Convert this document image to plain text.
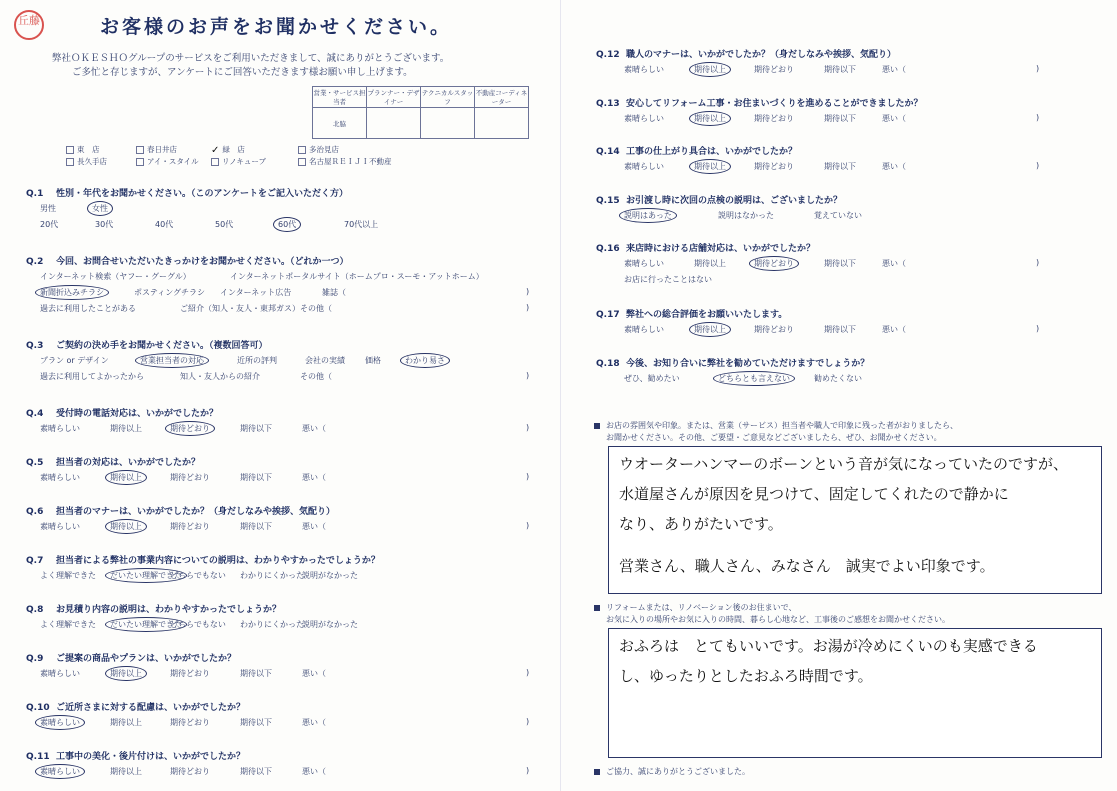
丘藤	お客様のお声をお聞かせください。
弊社ＯＫＥＳＨＯグループのサービスをご利用いただきまして、誠にありがとうございます。
ご多忙と存じますが、アンケートにご回答いただきます様お願い申し上げます。
営業・サービス担当者	プランナー・デザイナー	テクニカルスタッフ	不動産コーディネーター
北脇			
東　店	春日井店	✓ 緑　店	多治見店
長久手店	アイ・スタイル	リノキューブ	名古屋ＲＥＩＪＩ不動産
Q.1 性別・年代をお聞かせください。（このアンケートをご記入いただく方）
男性	女性
20代	30代	40代	50代	60代	70代以上
Q.2 今回、お問合せいただいたきっかけをお聞かせください。（どれか一つ）
インターネット検索（ヤフー・グーグル）	インターネットポータルサイト（ホームプロ・スーモ・アットホーム）
新聞折込みチラシ	ポスティングチラシ インターネット広告	雑誌（	)
過去に利用したことがある	ご紹介（知人・友人・東邦ガス） その他（	)
Q.3 ご契約の決め手をお聞かせください。（複数回答可）
プラン or デザイン	営業担当者の対応	近所の評判	会社の実績	価格	わかり易さ
過去に利用してよかったから	知人・友人からの紹介	その他（	)
Q.4 受付時の電話対応は、いかがでしたか？
素晴らしい	期待以上	期待どおり	期待以下	悪い（	)
Q.5 担当者の対応は、いかがでしたか？
素晴らしい	期待以上	期待どおり	期待以下	悪い（	)
Q.6 担当者のマナーは、いかがでしたか？（身だしなみや挨拶、気配り）
素晴らしい	期待以上	期待どおり	期待以下	悪い（	)
Q.7 担当者による弊社の事業内容についての説明は、わかりやすかったでしょうか？
よく理解できた	だいたい理解できた
どちらでもない わかりにくかった
説明がなかった
Q.8 お見積り内容の説明は、わかりやすかったでしょうか？
よく理解できた	だいたい理解できた
どちらでもない わかりにくかった
説明がなかった
Q.9 ご提案の商品やプランは、いかがでしたか？
素晴らしい	期待以上	期待どおり	期待以下	悪い（	)
Q.10 ご近所さまに対する配慮は、いかがでしたか？
素晴らしい	期待以上	期待どおり	期待以下	悪い（	)
Q.11 工事中の美化・後片付けは、いかがでしたか？
素晴らしい	期待以上	期待どおり	期待以下	悪い（	)
Q.12 職人のマナーは、いかがでしたか？（身だしなみや挨拶、気配り）
素晴らしい	期待以上	期待どおり	期待以下	悪い（	)
Q.13 安心してリフォーム工事・お住まいづくりを進めることができましたか？
素晴らしい	期待以上	期待どおり	期待以下	悪い（	)
Q.14 工事の仕上がり具合は、いかがでしたか？
素晴らしい	期待以上	期待どおり	期待以下	悪い（	)
Q.15 お引渡し時に次回の点検の説明は、ございましたか？
説明はあった	説明はなかった	覚えていない
Q.16 来店時における店舗対応は、いかがでしたか？
素晴らしい	期待以上	期待どおり	期待以下	悪い（	)
お店に行ったことはない
Q.17 弊社への総合評価をお願いいたします。
素晴らしい	期待以上	期待どおり	期待以下	悪い（	)
Q.18 今後、お知り合いに弊社を勧めていただけますでしょうか？
ぜひ、勧めたい	どちらとも言えない	勧めたくない
お店の雰囲気や印象。または、営業（サービス）担当者や職人で印象に残った者がおりましたら、
お聞かせください。その他、ご要望・ご意見などございましたら、ぜひ、お聞かせください。
ウオーターハンマーのボーンという音が気になっていたのですが、
水道屋さんが原因を見つけて、固定してくれたので静かに
なり、ありがたいです。
営業さん、職人さん、みなさん　誠実でよい印象です。
リフォームまたは、リノベーション後のお住まいで、
お気に入りの場所やお気に入りの時間、暮らし心地など、工事後のご感想をお聞かせください。
おふろは　とてもいいです。お湯が冷めにくいのも実感できる
し、ゆったりとしたおふろ時間です。
ご協力、誠にありがとうございました。
